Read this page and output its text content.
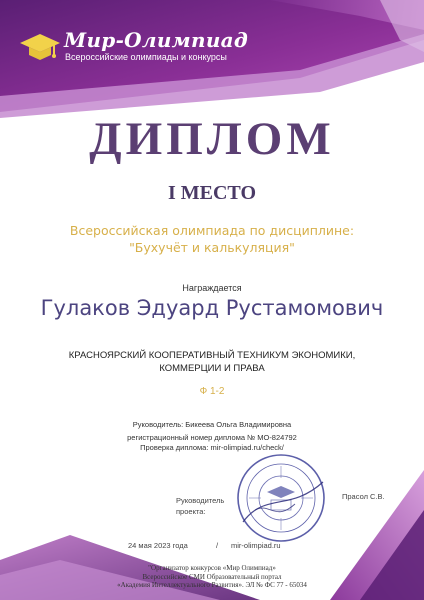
Мир-Олимпиад
Всероссийские олимпиады и конкурсы
ДИПЛОМ
I МЕСТО
Всероссийская олимпиада по дисциплине:
"Бухучёт и калькуляция"
Награждается
Гулаков Эдуард Рустамомович
КРАСНОЯРСКИЙ КООПЕРАТИВНЫЙ ТЕХНИКУМ ЭКОНОМИКИ,
КОММЕРЦИИ И ПРАВА
Ф 1-2
Руководитель: Бикеева Ольга Владимировна
регистрационный номер диплома № МО-824792
Проверка диплома: mir-olimpiad.ru/check/
Руководитель
проекта:
Прасол С.В.
24 мая 2023 года	/ mir-olimpiad.ru
"Организатор конкурсов «Мир Олимпиад»
Всероссийское СМИ Образовательный портал
«Академия Интеллектуального Развития». ЭЛ № ФС 77 - 65034
